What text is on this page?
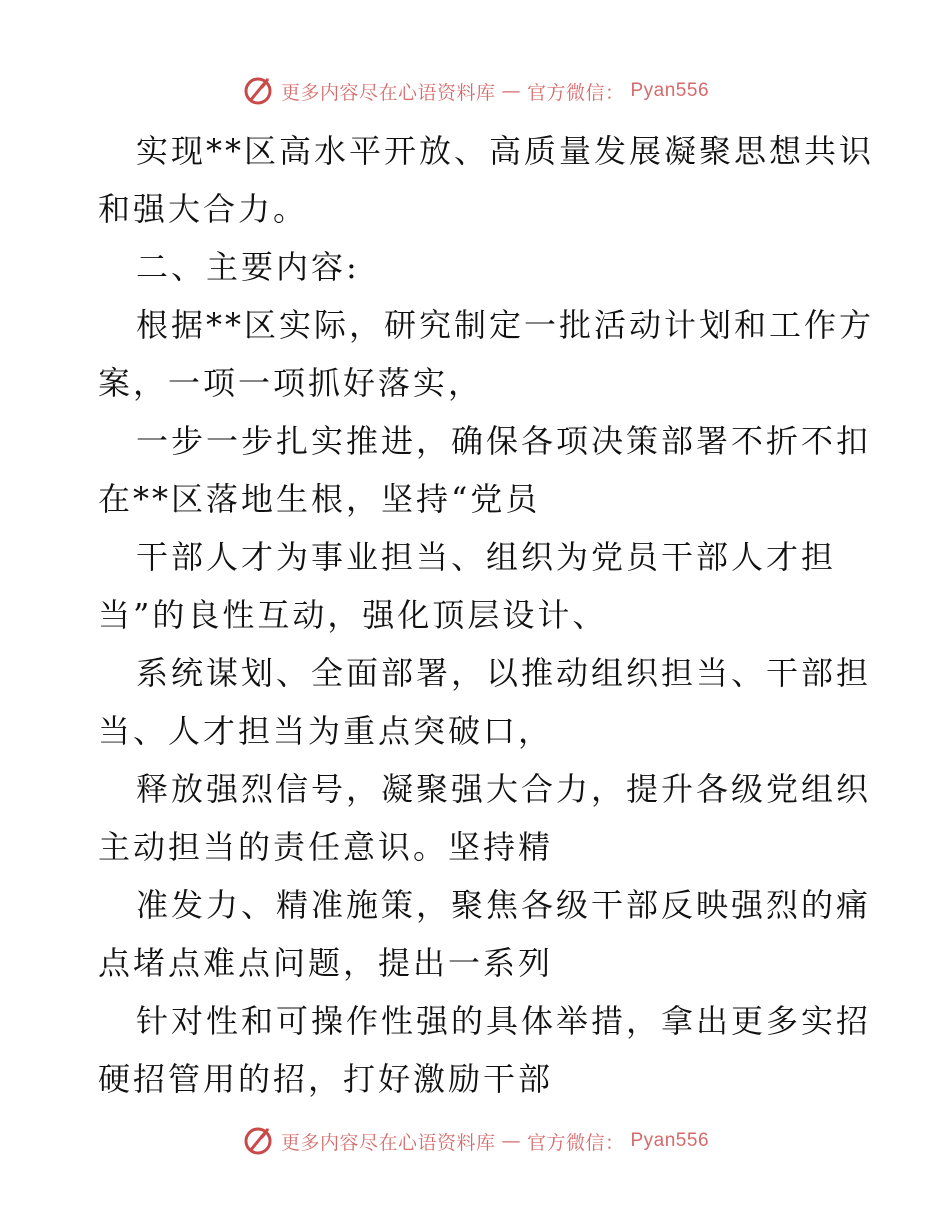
更多内容尽在心语资料库 — 官方微信： Pyan556
实现**区高水平开放、高质量发展凝聚思想共识
和强大合力。
二、主要内容:
根据**区实际，研究制定一批活动计划和工作方
案，一项一项抓好落实，
一步一步扎实推进，确保各项决策部署不折不扣
在**区落地生根，坚持“党员
干部人才为事业担当、组织为党员干部人才担
当”的良性互动，强化顶层设计、
系统谋划、全面部署，以推动组织担当、干部担
当、人才担当为重点突破口，
释放强烈信号，凝聚强大合力，提升各级党组织
主动担当的责任意识。坚持精
准发力、精准施策，聚焦各级干部反映强烈的痛
点堵点难点问题，提出一系列
针对性和可操作性强的具体举措，拿出更多实招
硬招管用的招，打好激励干部
更多内容尽在心语资料库 — 官方微信： Pyan556
